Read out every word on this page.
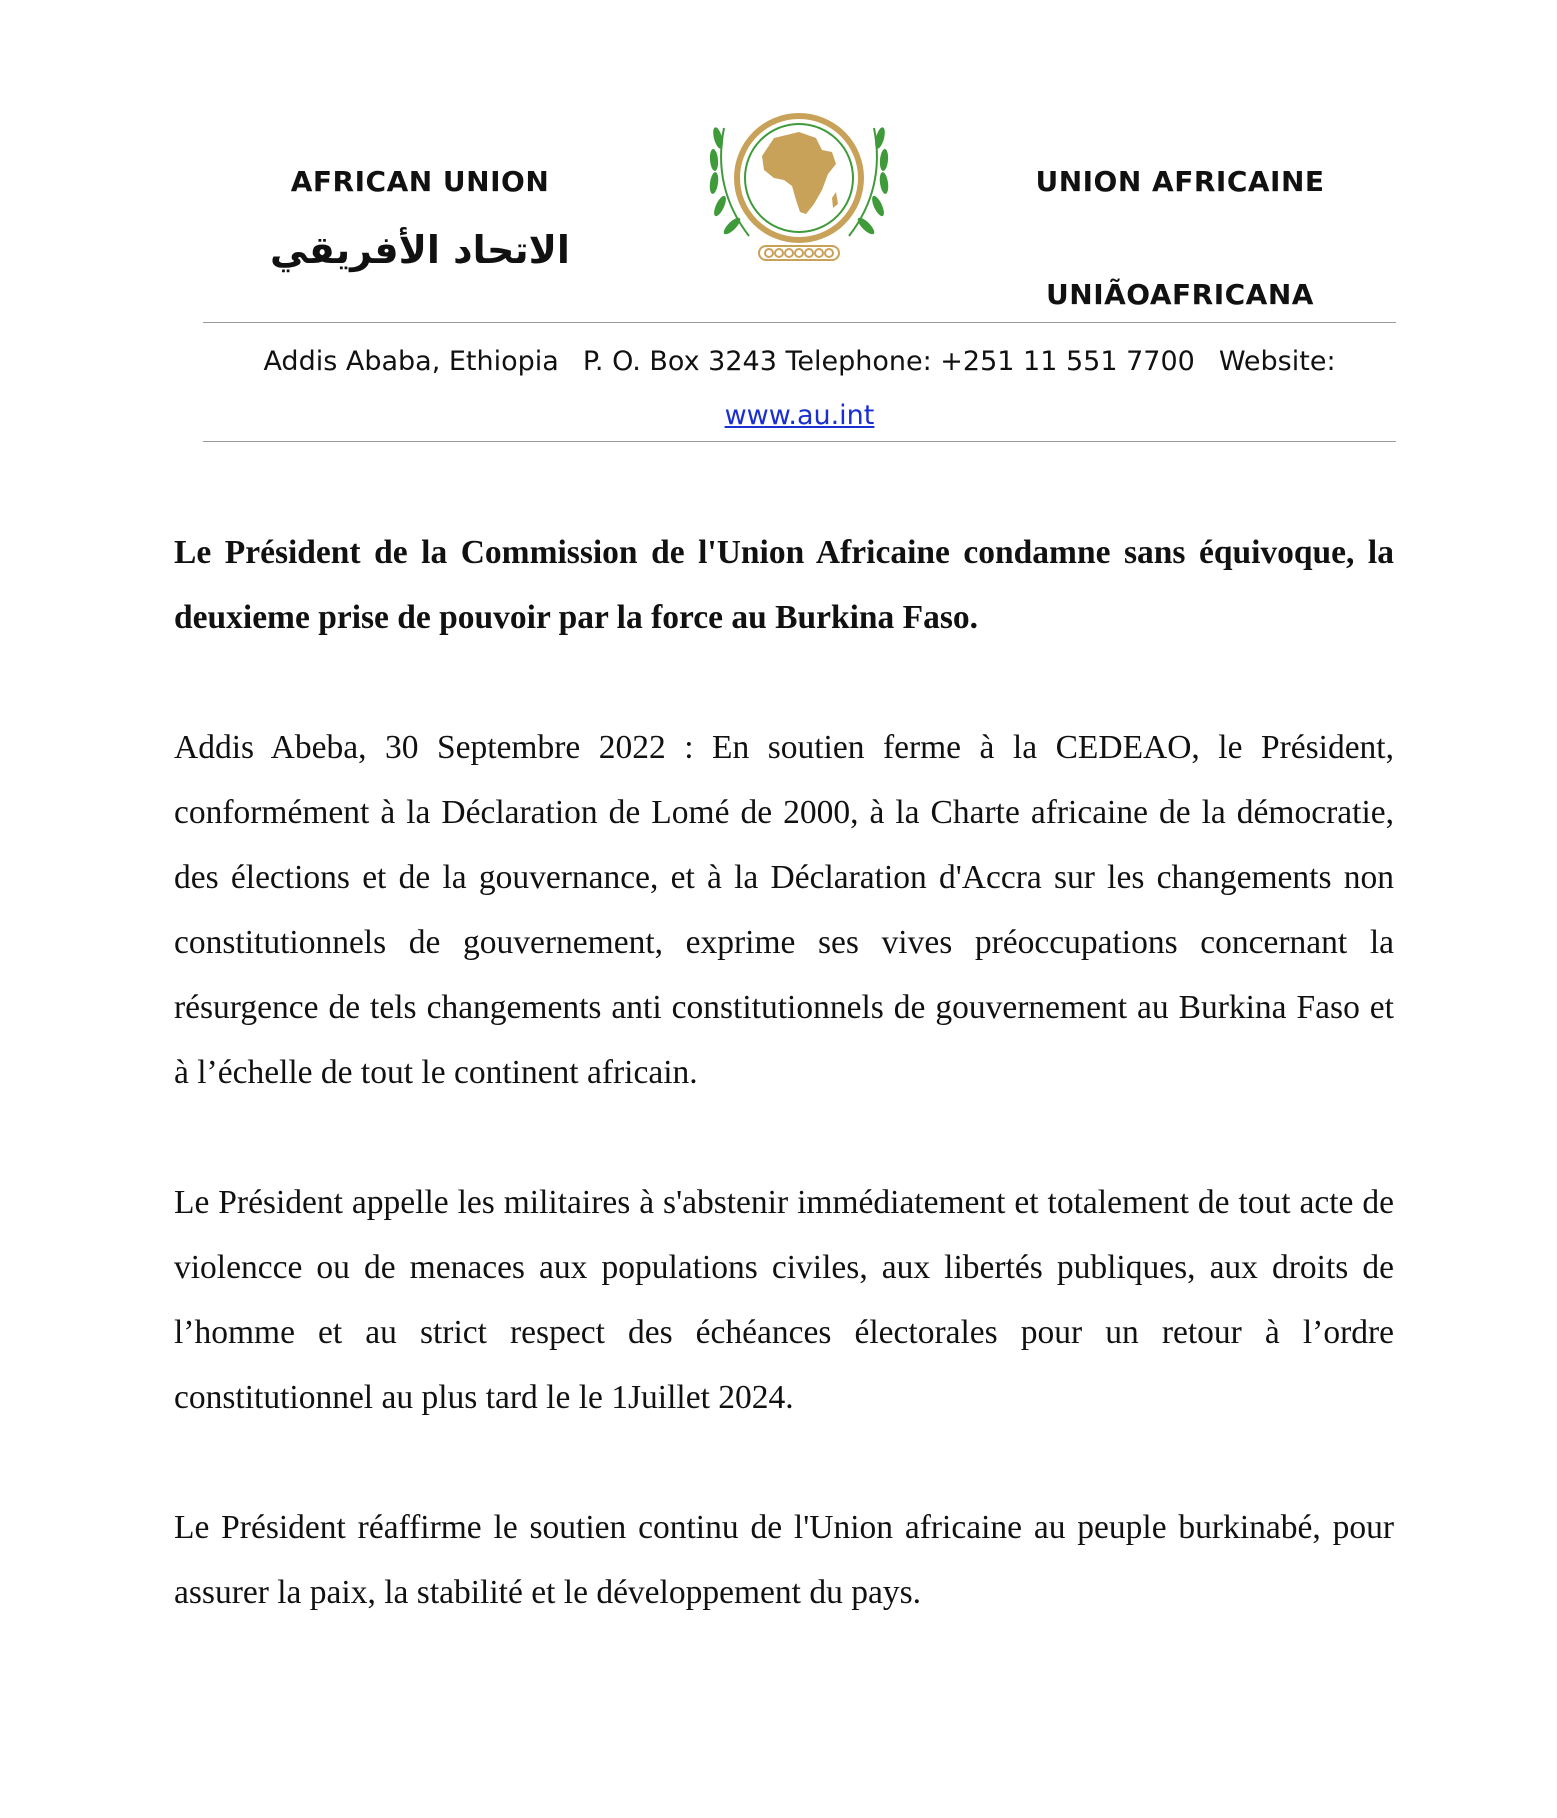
AFRICAN UNION
الاتحاد الأفريقي
UNION AFRICAINE
UNIÃOAFRICANA
Addis Ababa, Ethiopia P. O. Box 3243 Telephone: +251 11 551 7700 Website:
www.au.int

Le Président de la Commission de l'Union Africaine condamne sans équivoque, la deuxieme prise de pouvoir par la force au Burkina Faso.

Addis Abeba, 30 Septembre 2022 : En soutien ferme à la CEDEAO, le Président, conformément à la Déclaration de Lomé de 2000, à la Charte africaine de la démocratie, des élections et de la gouvernance, et à la Déclaration d'Accra sur les changements non constitutionnels de gouvernement, exprime ses vives préoccupations concernant la résurgence de tels changements anti constitutionnels de gouvernement au Burkina Faso et à l’échelle de tout le continent africain.

Le Président appelle les militaires à s'abstenir immédiatement et totalement de tout acte de violencce ou de menaces aux populations civiles, aux libertés publiques, aux droits de l’homme et au strict respect des échéances électorales pour un retour à l’ordre constitutionnel au plus tard le le 1Juillet 2024.

Le Président réaffirme le soutien continu de l'Union africaine au peuple burkinabé, pour assurer la paix, la stabilité et le développement du pays.
